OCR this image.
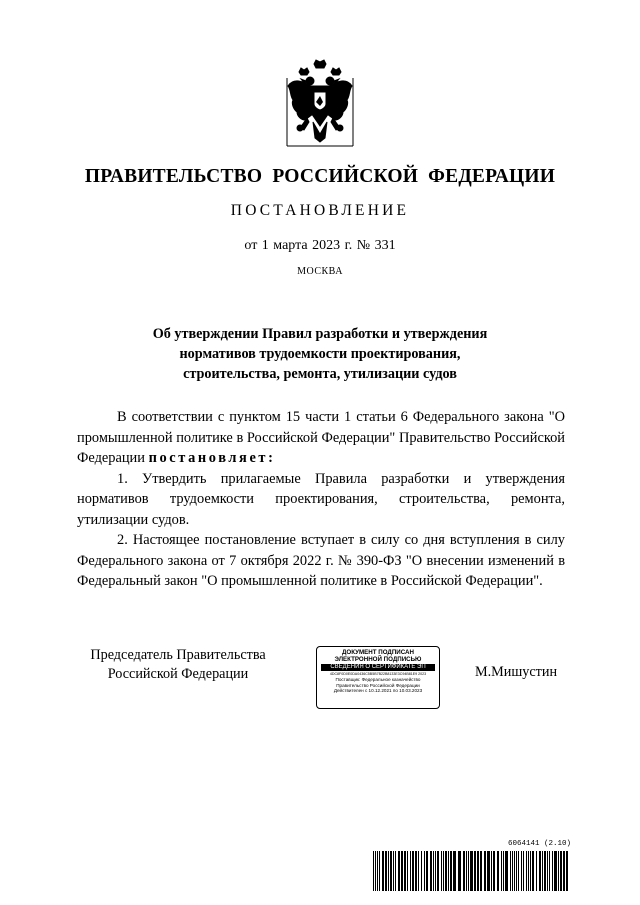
ПРАВИТЕЛЬСТВО РОССИЙСКОЙ ФЕДЕРАЦИИ
ПОСТАНОВЛЕНИЕ
от 1 марта 2023 г. № 331
МОСКВА
Об утверждении Правил разработки и утверждения
нормативов трудоемкости проектирования,
строительства, ремонта, утилизации судов

В соответствии с пунктом 15 части 1 статьи 6 Федерального закона "О промышленной политике в Российской Федерации" Правительство Российской Федерации постановляет:

1. Утвердить прилагаемые Правила разработки и утверждения нормативов трудоемкости проектирования, строительства, ремонта, утилизации судов.

2. Настоящее постановление вступает в силу со дня вступления в силу Федерального закона от 7 октября 2022 г. № 390-ФЗ "О внесении изменений в Федеральный закон "О промышленной политике в Российской Федерации".

Председатель Правительства
Российской Федерации
ДОКУМЕНТ ПОДПИСАН
ЭЛЕКТРОННОЙ ПОДПИСЬЮ
СВЕДЕНИЯ О СЕРТИФИКАТЕ ЭП
4DC8F0D0E0DA0436C5B5B7B22B8133E3C94B81E9 2023
Поставщик: Федеральное казначейство
Правительство Российской Федерации
Действителен с 10.12.2021 по 10.03.2023
М.Мишустин
6064141 (2.10)
